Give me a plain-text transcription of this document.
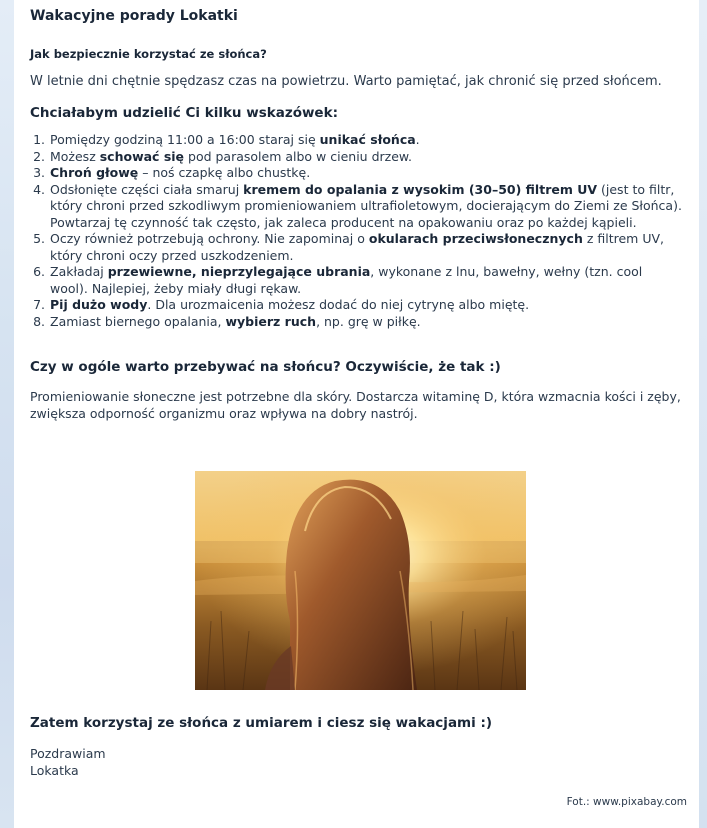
Wakacyjne porady Lokatki
Jak bezpiecznie korzystać ze słońca?

W letnie dni chętnie spędzasz czas na powietrzu. Warto pamiętać, jak chronić się przed słońcem.

Chciałabym udzielić Ci kilku wskazówek:
1. Pomiędzy godziną 11:00 a 16:00 staraj się unikać słońca.
2. Możesz schować się pod parasolem albo w cieniu drzew.
3. Chroń głowę – noś czapkę albo chustkę.
4. Odsłonięte części ciała smaruj kremem do opalania z wysokim (30–50) filtrem UV (jest to filtr, który chroni przed szkodliwym promieniowaniem ultrafioletowym, docierającym do Ziemi ze Słońca). Powtarzaj tę czynność tak często, jak zaleca producent na opakowaniu oraz po każdej kąpieli.
5. Oczy również potrzebują ochrony. Nie zapominaj o okularach przeciwsłonecznych z filtrem UV, który chroni oczy przed uszkodzeniem.
6. Zakładaj przewiewne, nieprzylegające ubrania, wykonane z lnu, bawełny, wełny (tzn. cool wool). Najlepiej, żeby miały długi rękaw.
7. Pij dużo wody. Dla urozmaicenia możesz dodać do niej cytrynę albo miętę.
8. Zamiast biernego opalania, wybierz ruch, np. grę w piłkę.
Czy w ogóle warto przebywać na słońcu? Oczywiście, że tak :)

Promieniowanie słoneczne jest potrzebne dla skóry. Dostarcza witaminę D, która wzmacnia kości i zęby, zwiększa odporność organizmu oraz wpływa na dobry nastrój.

Zatem korzystaj ze słońca z umiarem i ciesz się wakacjami :)
Pozdrawiam
Lokatka
Fot.: www.pixabay.com
